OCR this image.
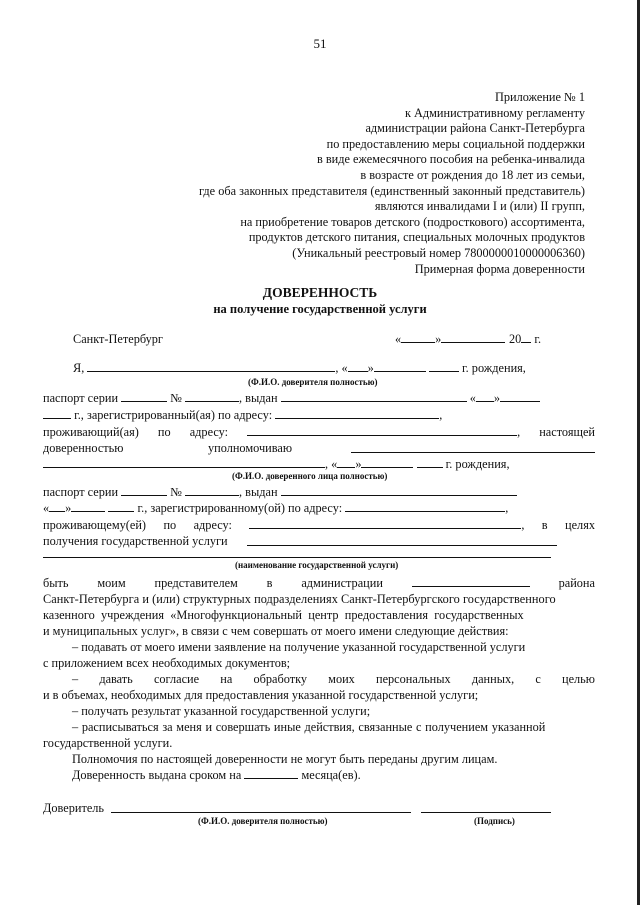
51
Приложение № 1
к Административному регламенту
администрации района Санкт-Петербурга
по предоставлению меры социальной поддержки
в виде ежемесячного пособия на ребенка-инвалида
в возрасте от рождения до 18 лет из семьи,
где оба законных представителя (единственный законный представитель)
являются инвалидами I и (или) II групп,
на приобретение товаров детского (подросткового) ассортимента,
продуктов детского питания, специальных молочных продуктов
(Уникальный реестровый номер 7800000010000006360)
Примерная форма доверенности
ДОВЕРЕННОСТЬ
на получение государственной услуги
Санкт-Петербург	«	»	20 г.
Я,	, « »	г. рождения,
(Ф.И.О. доверителя полностью)
паспорт серии	№	, выдан	« »
г., зарегистрированный(ая) по адресу:	,
проживающий(ая) по адресу:	, настоящей
доверенностью	уполномочиваю
, « »	г. рождения,
(Ф.И.О. доверенного лица полностью)
паспорт серии	№	, выдан
« »	г., зарегистрированному(ой) по адресу:	,
проживающему(ей) по адресу:	, в целях
получения государственной услуги
(наименование государственной услуги)
быть моим представителем в администрации	района
Санкт-Петербурга и (или) структурных подразделениях Санкт-Петербургского государственного
казенного учреждения «Многофункциональный центр предоставления государственных
и муниципальных услуг», в связи с чем совершать от моего имени следующие действия:
– подавать от моего имени заявление на получение указанной государственной услуги
с приложением всех необходимых документов;
– давать согласие на обработку моих персональных данных, с целью
и в объемах, необходимых для предоставления указанной государственной услуги;
– получать результат указанной государственной услуги;
– расписываться за меня и совершать иные действия, связанные с получением указанной
государственной услуги.
Полномочия по настоящей доверенности не могут быть переданы другим лицам.
Доверенность выдана сроком на	месяца(ев).
Доверитель
(Ф.И.О. доверителя полностью)	(Подпись)
